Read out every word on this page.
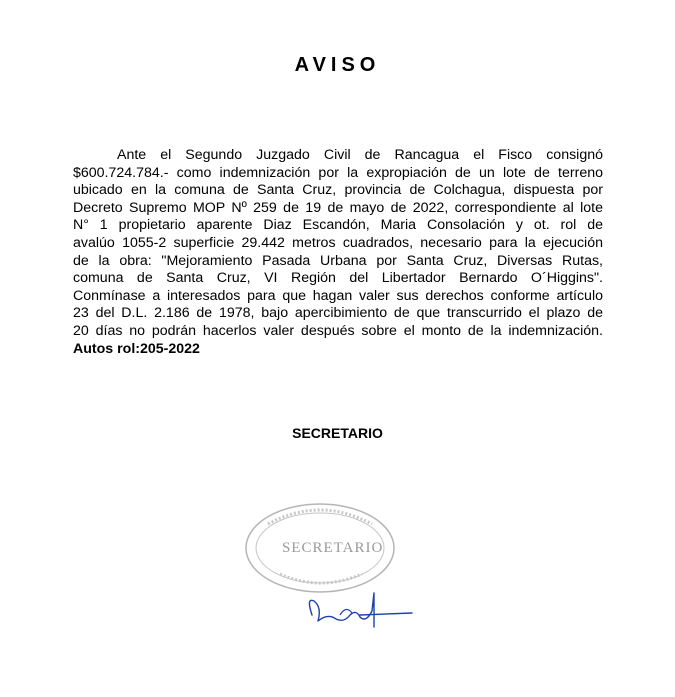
AVISO
Ante el Segundo Juzgado Civil de Rancagua el Fisco consignó
$600.724.784.- como indemnización por la expropiación de un lote de terreno
ubicado en la comuna de Santa Cruz, provincia de Colchagua, dispuesta por
Decreto Supremo MOP Nº 259 de 19 de mayo de 2022, correspondiente al lote
N° 1 propietario aparente Diaz Escandón, Maria Consolación y ot. rol de
avalúo 1055-2 superficie 29.442 metros cuadrados, necesario para la ejecución
de la obra: "Mejoramiento Pasada Urbana por Santa Cruz, Diversas Rutas,
comuna de Santa Cruz, VI Región del Libertador Bernardo O´Higgins".
Conmínase a interesados para que hagan valer sus derechos conforme artículo
23 del D.L. 2.186 de 1978, bajo apercibimiento de que transcurrido el plazo de
20 días no podrán hacerlos valer después sobre el monto de la indemnización.
Autos rol:205-2022
SECRETARIO
SECRETARIO
